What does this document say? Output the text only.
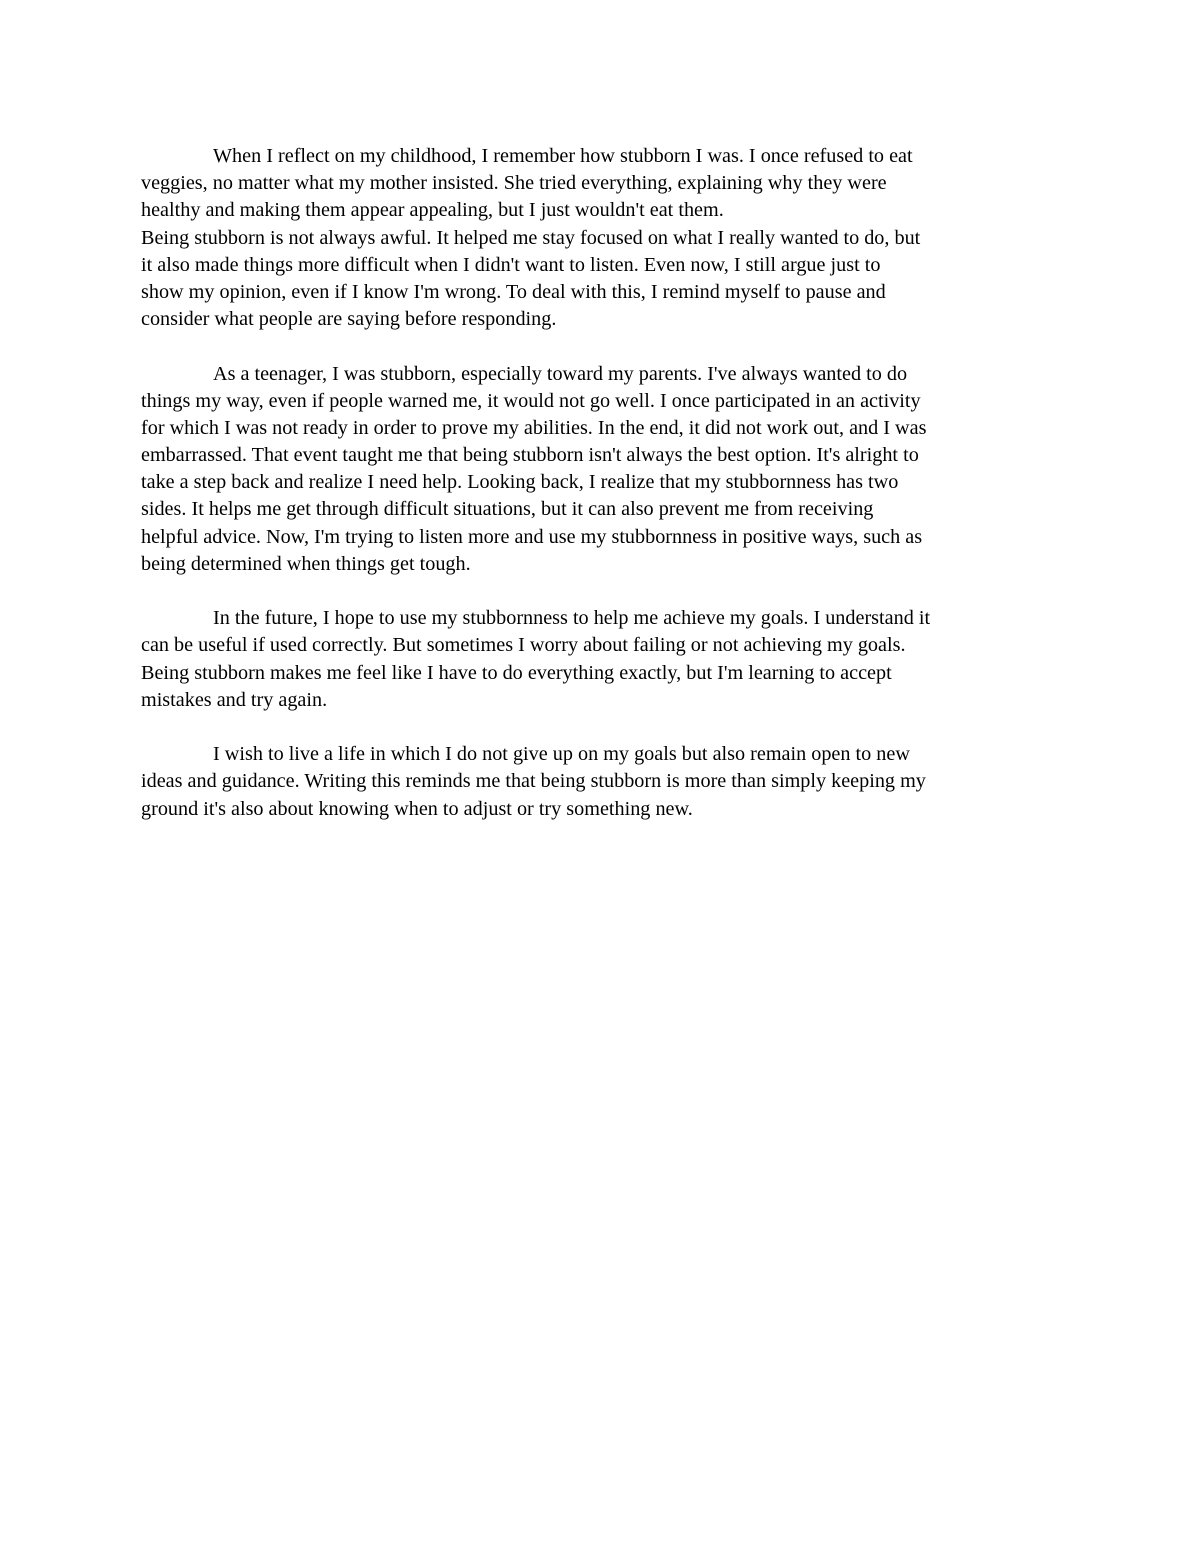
When I reflect on my childhood, I remember how stubborn I was. I once refused to eat
veggies, no matter what my mother insisted. She tried everything, explaining why they were
healthy and making them appear appealing, but I just wouldn't eat them.

Being stubborn is not always awful. It helped me stay focused on what I really wanted to do, but
it also made things more difficult when I didn't want to listen. Even now, I still argue just to
show my opinion, even if I know I'm wrong. To deal with this, I remind myself to pause and
consider what people are saying before responding.

As a teenager, I was stubborn, especially toward my parents. I've always wanted to do
things my way, even if people warned me, it would not go well. I once participated in an activity
for which I was not ready in order to prove my abilities. In the end, it did not work out, and I was
embarrassed. That event taught me that being stubborn isn't always the best option. It's alright to
take a step back and realize I need help. Looking back, I realize that my stubbornness has two
sides. It helps me get through difficult situations, but it can also prevent me from receiving
helpful advice. Now, I'm trying to listen more and use my stubbornness in positive ways, such as
being determined when things get tough.

In the future, I hope to use my stubbornness to help me achieve my goals. I understand it
can be useful if used correctly. But sometimes I worry about failing or not achieving my goals.
Being stubborn makes me feel like I have to do everything exactly, but I'm learning to accept
mistakes and try again.

I wish to live a life in which I do not give up on my goals but also remain open to new
ideas and guidance. Writing this reminds me that being stubborn is more than simply keeping my
ground it's also about knowing when to adjust or try something new.
